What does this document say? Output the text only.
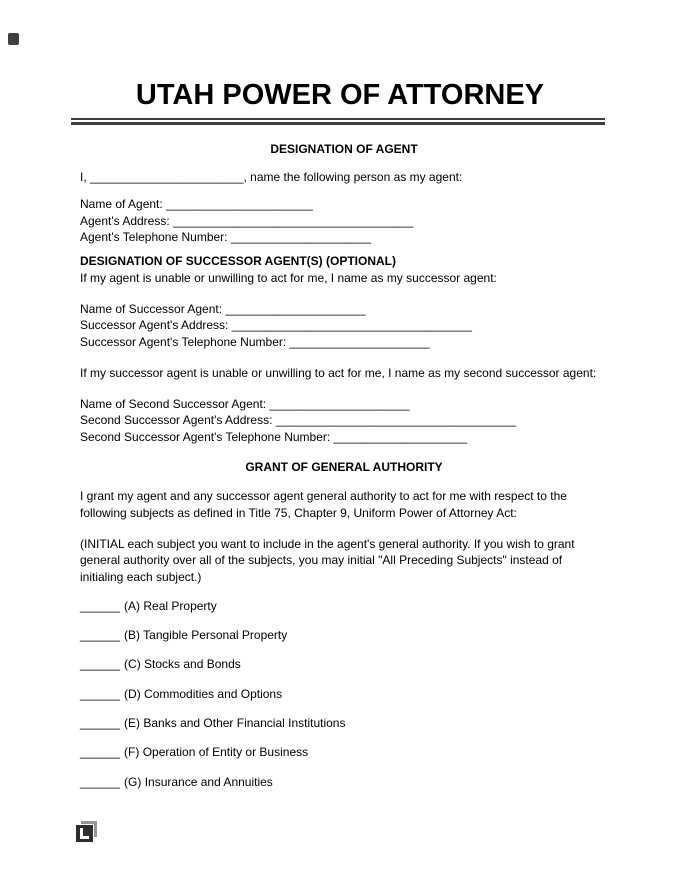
UTAH POWER OF ATTORNEY
DESIGNATION OF AGENT
I, _______________________, name the following person as my agent:
Name of Agent: ______________________
Agent's Address: ____________________________________
Agent's Telephone Number: _____________________
DESIGNATION OF SUCCESSOR AGENT(S) (OPTIONAL)
If my agent is unable or unwilling to act for me, I name as my successor agent:
Name of Successor Agent: _____________________
Successor Agent's Address: ____________________________________
Successor Agent's Telephone Number: _____________________
If my successor agent is unable or unwilling to act for me, I name as my second successor agent:
Name of Second Successor Agent: _____________________
Second Successor Agent's Address: ____________________________________
Second Successor Agent's Telephone Number: ____________________
GRANT OF GENERAL AUTHORITY
I grant my agent and any successor agent general authority to act for me with respect to the following subjects as defined in Title 75, Chapter 9, Uniform Power of Attorney Act:
(INITIAL each subject you want to include in the agent's general authority. If you wish to grant general authority over all of the subjects, you may initial "All Preceding Subjects" instead of initialing each subject.)
______ (A) Real Property
______ (B) Tangible Personal Property
______ (C) Stocks and Bonds
______ (D) Commodities and Options
______ (E) Banks and Other Financial Institutions
______ (F) Operation of Entity or Business
______ (G) Insurance and Annuities
